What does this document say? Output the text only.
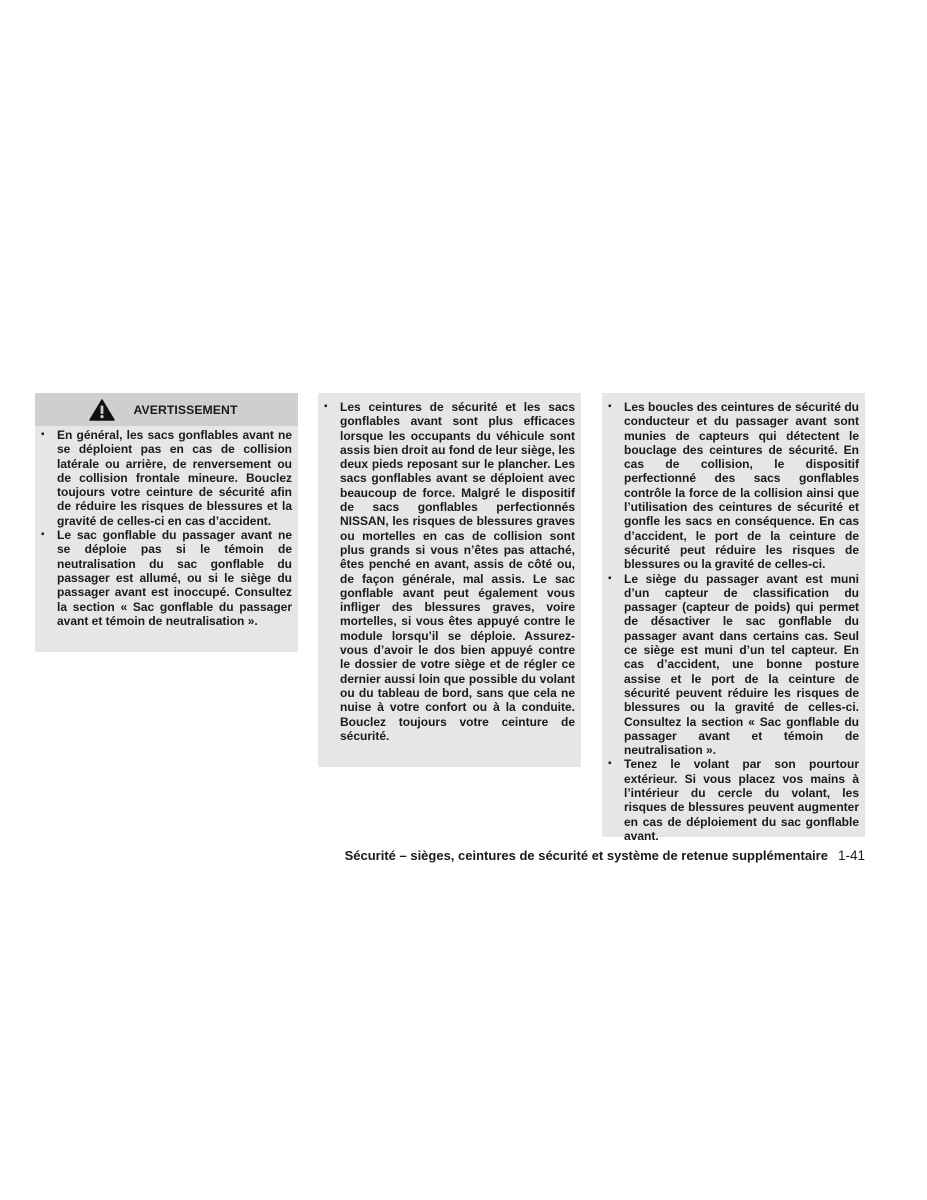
AVERTISSEMENT
▪ En général, les sacs gonflables avant ne se déploient pas en cas de collision latérale ou arrière, de renversement ou de collision frontale mineure. Bouclez toujours votre ceinture de sécurité afin de réduire les risques de blessures et la gravité de celles-ci en cas d’accident.
▪ Le sac gonflable du passager avant ne se déploie pas si le témoin de neutralisation du sac gonflable du passager est allumé, ou si le siège du passager avant est inoccupé. Consultez la section « Sac gonflable du passager avant et témoin de neutralisation ».
▪ Les ceintures de sécurité et les sacs gonflables avant sont plus efficaces lorsque les occupants du véhicule sont assis bien droit au fond de leur siège, les deux pieds reposant sur le plancher. Les sacs gonflables avant se déploient avec beaucoup de force. Malgré le dispositif de sacs gonflables perfectionnés NISSAN, les risques de blessures graves ou mortelles en cas de collision sont plus grands si vous n’êtes pas attaché, êtes penché en avant, assis de côté ou, de façon générale, mal assis. Le sac gonflable avant peut également vous infliger des blessures graves, voire mortelles, si vous êtes appuyé contre le module lorsqu’il se déploie. Assurez-vous d’avoir le dos bien appuyé contre le dossier de votre siège et de régler ce dernier aussi loin que possible du volant ou du tableau de bord, sans que cela ne nuise à votre confort ou à la conduite. Bouclez toujours votre ceinture de sécurité.
▪ Les boucles des ceintures de sécurité du conducteur et du passager avant sont munies de capteurs qui détectent le bouclage des ceintures de sécurité. En cas de collision, le dispositif perfectionné des sacs gonflables contrôle la force de la collision ainsi que l’utilisation des ceintures de sécurité et gonfle les sacs en conséquence. En cas d’accident, le port de la ceinture de sécurité peut réduire les risques de blessures ou la gravité de celles-ci.
▪ Le siège du passager avant est muni d’un capteur de classification du passager (capteur de poids) qui permet de désactiver le sac gonflable du passager avant dans certains cas. Seul ce siège est muni d’un tel capteur. En cas d’accident, une bonne posture assise et le port de la ceinture de sécurité peuvent réduire les risques de blessures ou la gravité de celles-ci. Consultez la section « Sac gonflable du passager avant et témoin de neutralisation ».
▪ Tenez le volant par son pourtour extérieur. Si vous placez vos mains à l’intérieur du cercle du volant, les risques de blessures peuvent augmenter en cas de déploiement du sac gonflable avant.
Sécurité – sièges, ceintures de sécurité et système de retenue supplémentaire 1-41
